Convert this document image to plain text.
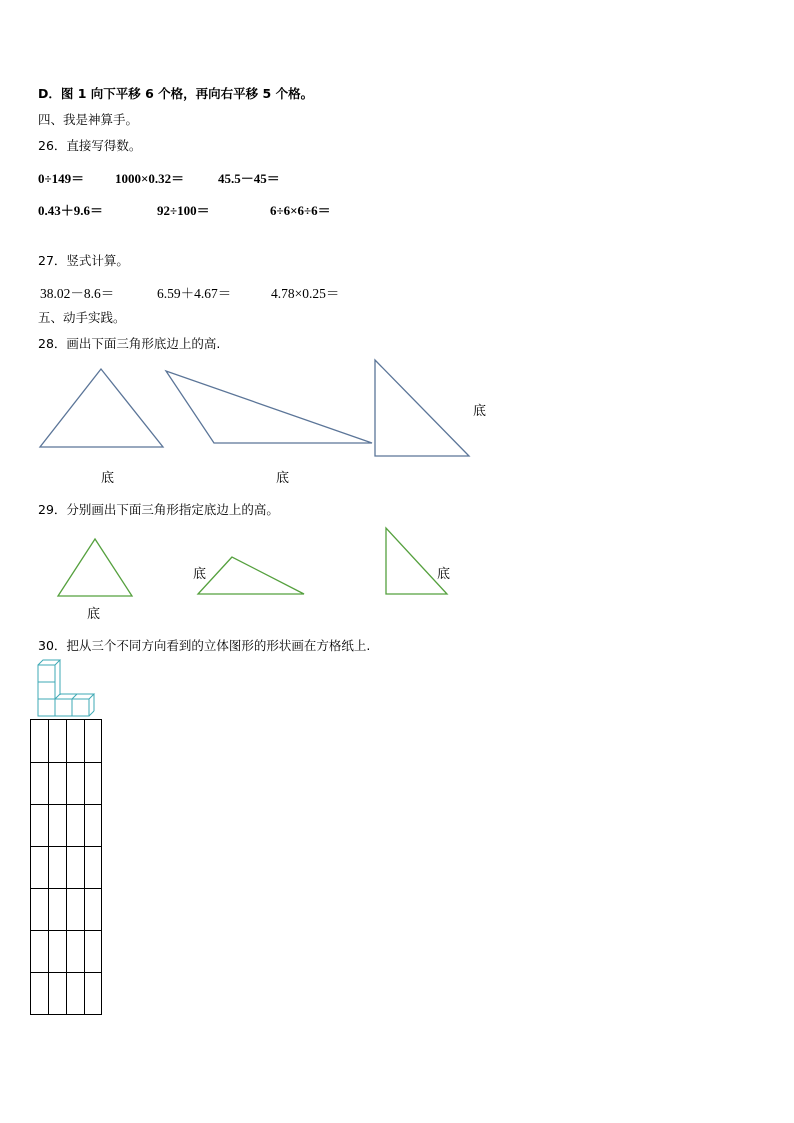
D．图 1 向下平移 6 个格，再向右平移 5 个格。
四、我是神算手。
26．直接写得数。
0÷149＝ 1000×0.32＝	45.5－45＝
0.43＋9.6＝	92÷100＝	6÷6×6÷6＝
27．竖式计算。
38.02－8.6＝	6.59＋4.67＝	4.78×0.25＝
五、动手实践。
28．画出下面三角形底边上的高.
底	底
底
29．分别画出下面三角形指定底边上的高。
底
底	底
30．把从三个不同方向看到的立体图形的形状画在方格纸上.
